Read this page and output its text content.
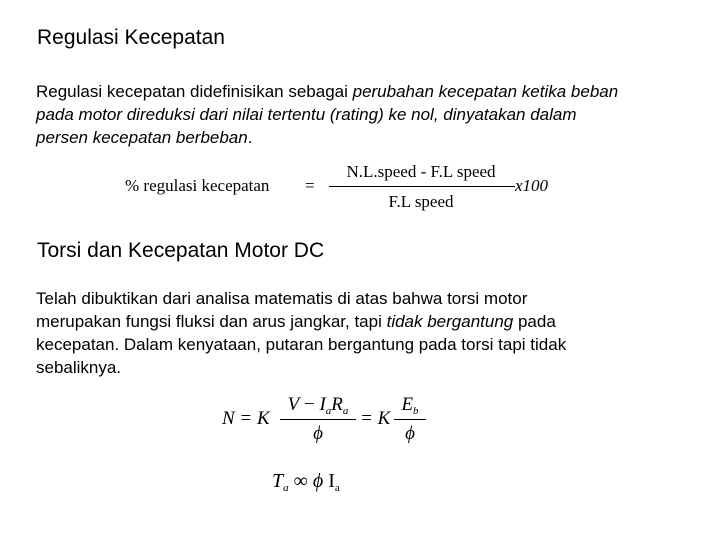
Regulasi Kecepatan
Regulasi kecepatan didefinisikan sebagai perubahan kecepatan ketika beban
pada motor direduksi dari nilai tertentu (rating) ke nol, dinyatakan dalam
persen kecepatan berbeban.
% regulasi kecepatan =
N.L.speed - F.L speed
F.L speed
x100
Torsi dan Kecepatan Motor DC
Telah dibuktikan dari analisa matematis di atas bahwa torsi motor
merupakan fungsi fluksi dan arus jangkar, tapi tidak bergantung pada
kecepatan. Dalam kenyataan, putaran bergantung pada torsi tapi tidak
sebaliknya.
N = K
$V - I_aR_a$
ϕ
= K
$E_b$
ϕ
$T_a$ ∞ ϕ $I_a$
